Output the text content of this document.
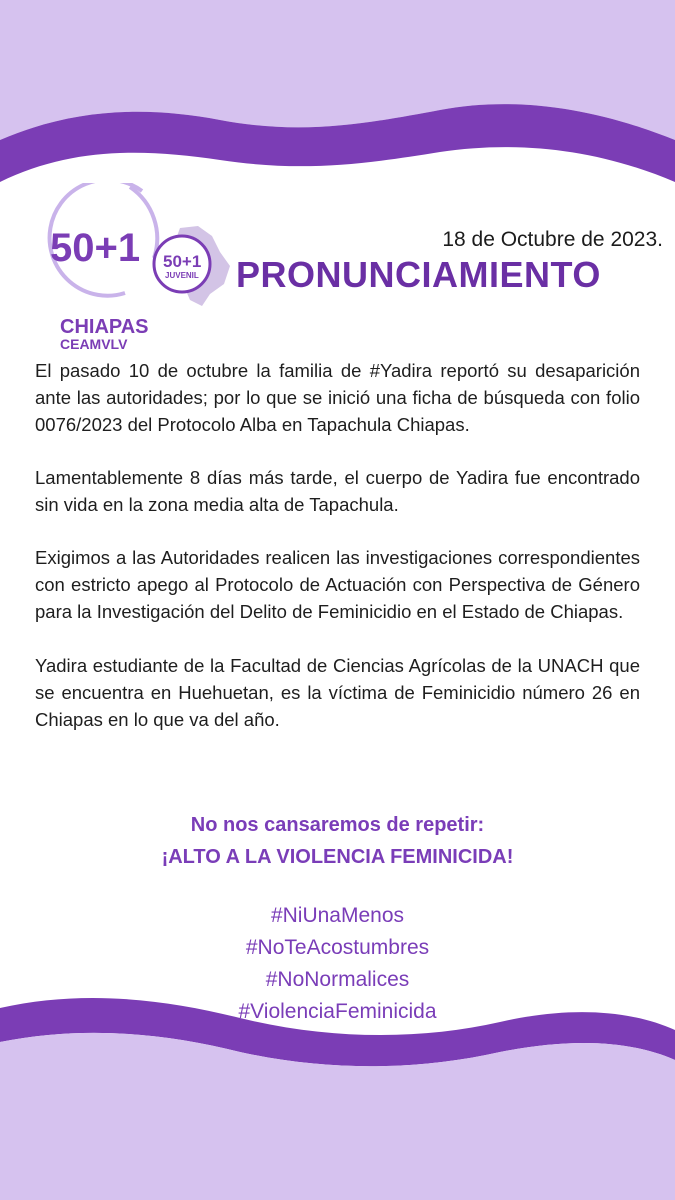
50+1
CHIAPAS
CEAMVLV
50+1
JUVENIL
18 de Octubre de 2023.
PRONUNCIAMIENTO

El pasado 10 de octubre la familia de #Yadira reportó su desaparición ante las autoridades; por lo que se inició una ficha de búsqueda con folio 0076/2023 del Protocolo Alba en Tapachula Chiapas.

Lamentablemente 8 días más tarde, el cuerpo de Yadira fue encontrado sin vida en la zona media alta de Tapachula.

Exigimos a las Autoridades realicen las investigaciones correspondientes con estricto apego al Protocolo de Actuación con Perspectiva de Género para la Investigación del Delito de Feminicidio en el Estado de Chiapas.

Yadira estudiante de la Facultad de Ciencias Agrícolas de la UNACH que se encuentra en Huehuetan, es la víctima de Feminicidio número 26 en Chiapas en lo que va del año.

No nos cansaremos de repetir:
¡ALTO A LA VIOLENCIA FEMINICIDA!
#NiUnaMenos
#NoTeAcostumbres
#NoNormalices
#ViolenciaFeminicida
